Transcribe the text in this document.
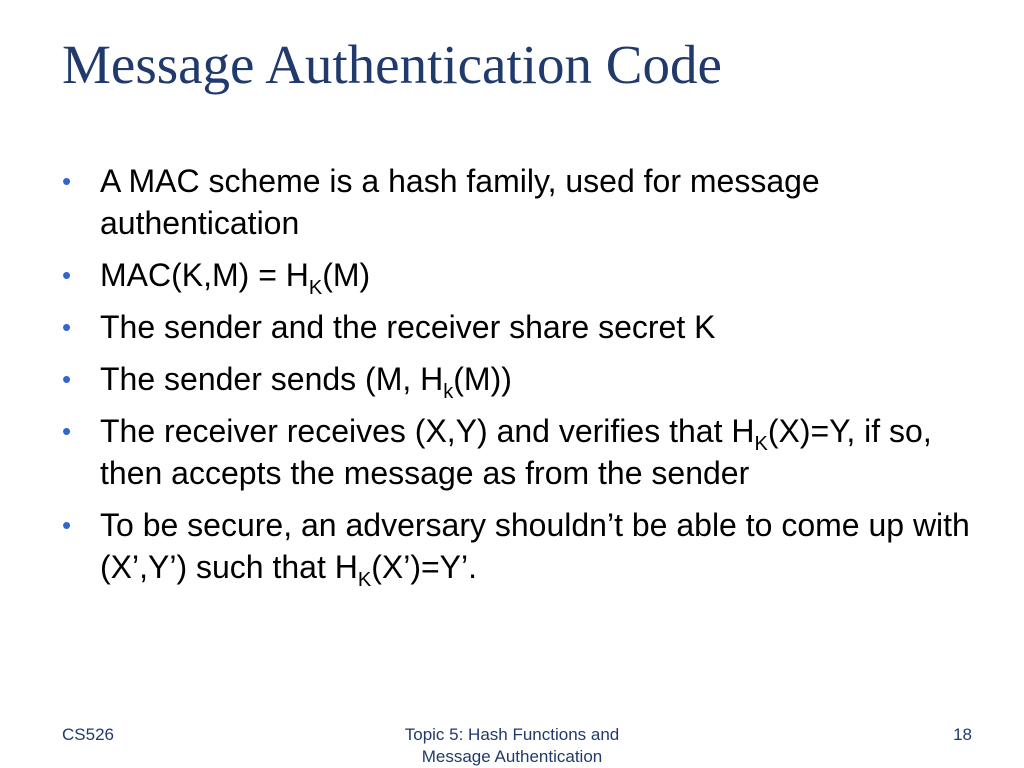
Message Authentication Code
• A MAC scheme is a hash family, used for message authentication
• $MAC(K,M) = H_K(M)$
• The sender and the receiver share secret K
• The sender sends (M, $H_k(M)$)
• The receiver receives (X,Y) and verifies that $H_K(X)=Y$, if so, then accepts the message as from the sender
• To be secure, an adversary shouldn’t be able to come up with (X’,Y’) such that $H_K(X’)=Y$’.
CS526	Topic 5: Hash Functions and
Message Authentication
18
